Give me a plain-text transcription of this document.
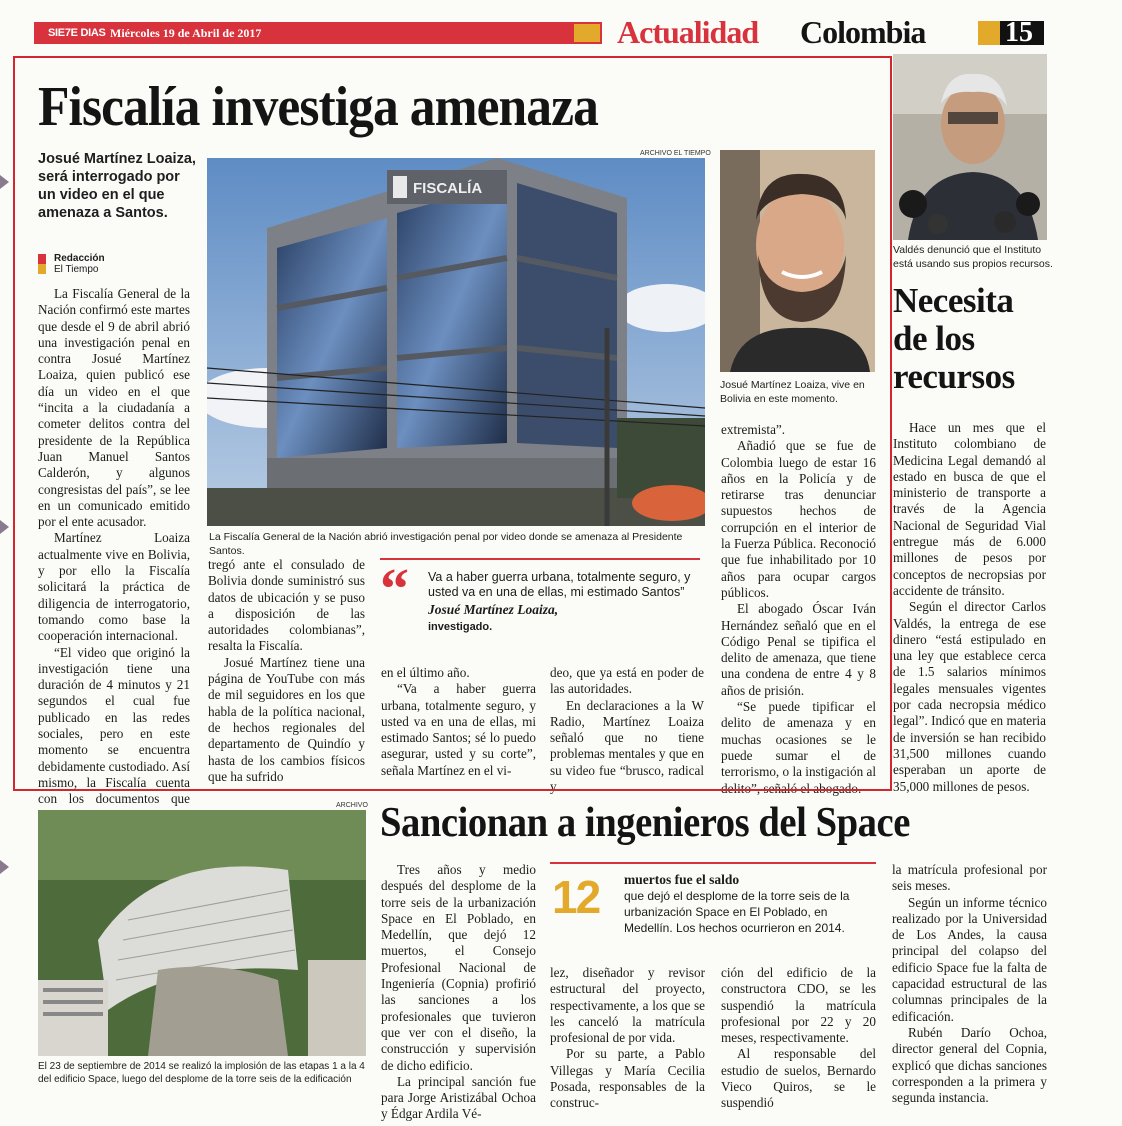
SIE7E DIAS Miércoles 19 de Abril de 2017	Actualidad Colombia	15
Fiscalía investiga amenaza
Josué Martínez Loaiza, será interrogado por un video en el que amenaza a Santos.
Redacción
El Tiempo

La Fiscalía General de la Nación confirmó este martes que desde el 9 de abril abrió una investigación penal en contra Josué Martínez Loaiza, quien publicó ese día un video en el que “incita a la ciudadanía a cometer delitos contra del presidente de la República Juan Manuel Santos Calderón, y algunos congresistas del país”, se lee en un comunicado emitido por el ente acusador.

Martínez Loaiza actualmente vive en Bolivia, y por ello la Fiscalía solicitará la práctica de diligencia de interrogatorio, tomando como base la cooperación internacional.

“El video que originó la investigación tiene una duración de 4 minutos y 21 segundos el cual fue publicado en las redes sociales, pero en este momento se encuentra debidamente custodiado. Así mismo, la Fiscalía cuenta con los documentos que

ARCHIVO EL TIEMPO
FISCALÍA
La Fiscalía General de la Nación abrió investigación penal por video donde se amenaza al Presidente Santos.
Josué Martínez Loaiza, vive en Bolivia en este momento.

tregó ante el consulado de Bolivia donde suministró sus datos de ubicación y se puso a disposición de las autoridades colombianas”, resalta la Fiscalía.

Josué Martínez tiene una página de YouTube con más de mil seguidores en los que habla de la política nacional, de hechos regionales del departamento de Quindío y hasta de los cambios físicos que ha sufrido

“ Va a haber guerra urbana, totalmente seguro, y usted va en una de ellas, mi estimado Santos”
Josué Martínez Loaiza,
investigado.

en el último año.

“Va a haber guerra urbana, totalmente seguro, y usted va en una de ellas, mi estimado Santos; sé lo puedo asegurar, usted y su corte”, señala Martínez en el vi-

deo, que ya está en poder de las autoridades.

En declaraciones a la W Radio, Martínez Loaiza señaló que no tiene problemas mentales y que en su video fue “brusco, radical y

extremista”.

Añadió que se fue de Colombia luego de estar 16 años en la Policía y de retirarse tras denunciar supuestos hechos de corrupción en el interior de la Fuerza Pública. Reconoció que fue inhabilitado por 10 años para ocupar cargos públicos.

El abogado Óscar Iván Hernández señaló que en el Código Penal se tipifica el delito de amenaza, que tiene una condena de entre 4 y 8 años de prisión.

“Se puede tipificar el delito de amenaza y en muchas ocasiones se le puede sumar el de terrorismo, o la instigación al delito”, señaló el abogado.

Valdés denunció que el Instituto está usando sus propios recursos.
Necesita
de los
recursos

Hace un mes que el Instituto colombiano de Medicina Legal demandó al estado en busca de que el ministerio de transporte a través de la Agencia Nacional de Seguridad Vial entregue más de 6.000 millones de pesos por conceptos de necropsias por accidente de tránsito.

Según el director Carlos Valdés, la entrega de ese dinero “está estipulado en una ley que establece cerca de 1.5 salarios mínimos legales mensuales vigentes por cada necropsia médico legal”. Indicó que en materia de inversión se han recibido 31,500 millones cuando esperaban un aporte de 35,000 millones de pesos.

ARCHIVO
El 23 de septiembre de 2014 se realizó la implosión de las etapas 1 a la 4 del edificio Space, luego del desplome de la torre seis de la edificación
Sancionan a ingenieros del Space

Tres años y medio después del desplome de la torre seis de la urbanización Space en El Poblado, en Medellín, que dejó 12 muertos, el Consejo Profesional Nacional de Ingeniería (Copnia) profirió las sanciones a los profesionales que tuvieron que ver con el diseño, la construcción y supervisión de dicho edificio.

La principal sanción fue para Jorge Aristizábal Ochoa y Édgar Ardila Vé-

12 muertos fue el saldo
que dejó el desplome de la torre seis de la urbanización Space en El Poblado, en Medellín. Los hechos ocurrieron en 2014.

lez, diseñador y revisor estructural del proyecto, respectivamente, a los que se les canceló la matrícula profesional de por vida.

Por su parte, a Pablo Villegas y María Cecilia Posada, responsables de la construc-

ción del edificio de la constructora CDO, se les suspendió la matrícula profesional por 22 y 20 meses, respectivamente.

Al responsable del estudio de suelos, Bernardo Vieco Quiros, se le suspendió

la matrícula profesional por seis meses.

Según un informe técnico realizado por la Universidad de Los Andes, la causa principal del colapso del edificio Space fue la falta de capacidad estructural de las columnas principales de la edificación.

Rubén Darío Ochoa, director general del Copnia, explicó que dichas sanciones corresponden a la primera y segunda instancia.
